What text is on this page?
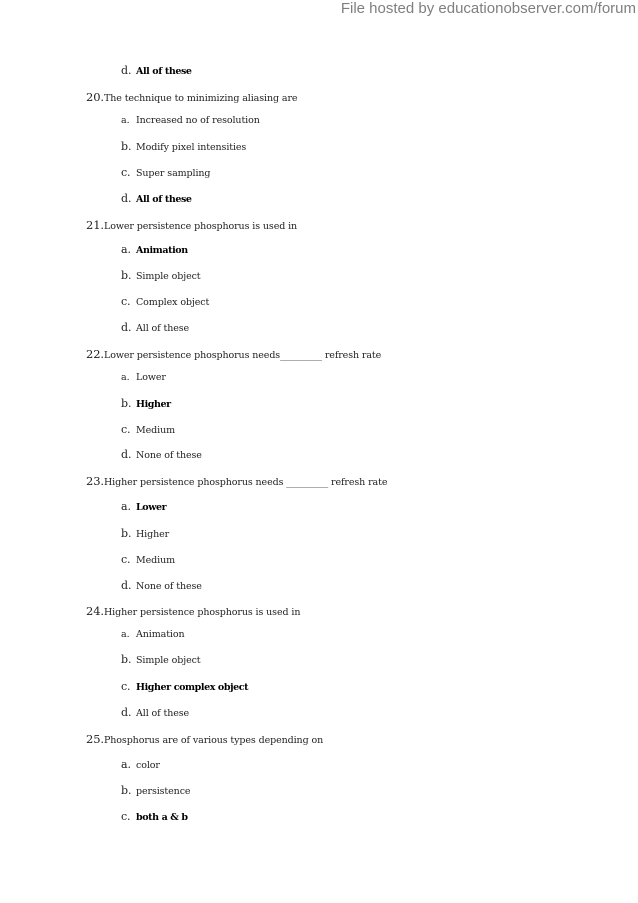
File hosted by educationobserver.com/forum
d. All of these
20.The technique to minimizing aliasing are
a. Increased no of resolution
b. Modify pixel intensities
c. Super sampling
d. All of these
21.Lower persistence phosphorus is used in
a. Animation
b. Simple object
c. Complex object
d. All of these
22.Lower persistence phosphorus needs_________ refresh rate
a. Lower
b. Higher
c. Medium
d. None of these
23.Higher persistence phosphorus needs _________ refresh rate
a. Lower
b. Higher
c. Medium
d. None of these
24.Higher persistence phosphorus is used in
a. Animation
b. Simple object
c. Higher complex object
d. All of these
25.Phosphorus are of various types depending on
a. color
b. persistence
c. both a & b
